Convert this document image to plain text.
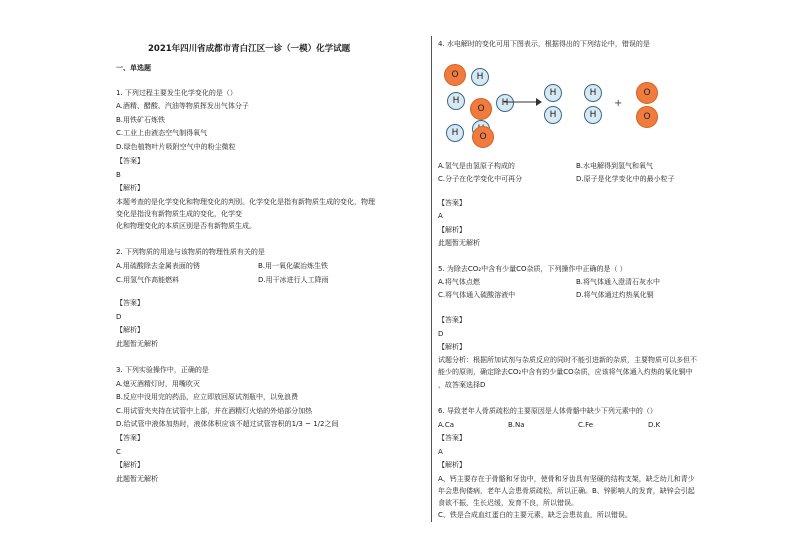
2021年四川省成都市青白江区一诊（一模）化学试题
一、单选题
1. 下列过程主要发生化学变化的是（）
A.酒精、醋酸、汽油等物质挥发出气体分子
B.用铁矿石炼铁
C.工业上由液态空气制得氧气
D.绿色植物叶片吸附空气中的粉尘微粒
【答案】
B
【解析】
本题考查的是化学变化和物理变化的判别。化学变化是指有新物质生成的变化，物理
变化是指没有新物质生成的变化，化学变
化和物理变化的本质区别是否有新物质生成。
2. 下列物质的用途与该物质的物理性质有关的是
A.用硫酸除去金属表面的锈	B.用一氧化碳冶炼生铁
C.用氢气作高能燃料	D.用干冰进行人工降雨
【答案】
D
【解析】
此题暂无解析
3. 下列实验操作中，正确的是
A.熄灭酒精灯时，用嘴吹灭
B.反应中没用完的药品，应立即放回原试剂瓶中，以免浪费
C.用试管夹夹持在试管中上部，并在酒精灯火焰的外焰部分加热
D.给试管中液体加热时，液体体积应该不超过试管容积的1/3 ~ 1/2之间
【答案】
C
【解析】
此题暂无解析
4. 水电解时的变化可用下图表示，根据得出的下列结论中，错误的是
O	H
H
O
H
H	O
H
H
H
H
+
O
O
A.氢气是由氢原子构成的	B.水电解得到氢气和氧气
C.分子在化学变化中可再分	D.原子是化学变化中的最小粒子
【答案】
A
【解析】
此题暂无解析
5. 为除去CO₂中含有少量CO杂质，下列操作中正确的是（ ）
A.将气体点燃	B.将气体通入澄清石灰水中
C.将气体通入硫酸溶液中	D.将气体通过灼热氧化铜
【答案】
D
【解析】
试题分析：根据所加试剂与杂质反应的同时不能引进新的杂质，主要物质可以多但不
能少的原则，确定除去CO₂中含有的少量CO杂质，应该将气体通入灼热的氧化铜中
，故答案选择D
6. 导致老年人骨质疏松的主要原因是人体骨骼中缺少下列元素中的（）
A.Ca	B.Na	C.Fe	D.K
【答案】
A
【解析】
A、钙主要存在于骨骼和牙齿中，使骨和牙齿具有坚硬的结构支架，缺乏幼儿和青少
年会患佝偻病，老年人会患骨质疏松，所以正确。B、锌影响人的发育，缺锌会引起
食欲不振，生长迟缓，发育不良，所以错误。
C、铁是合成血红蛋白的主要元素，缺乏会患贫血，所以错误。
